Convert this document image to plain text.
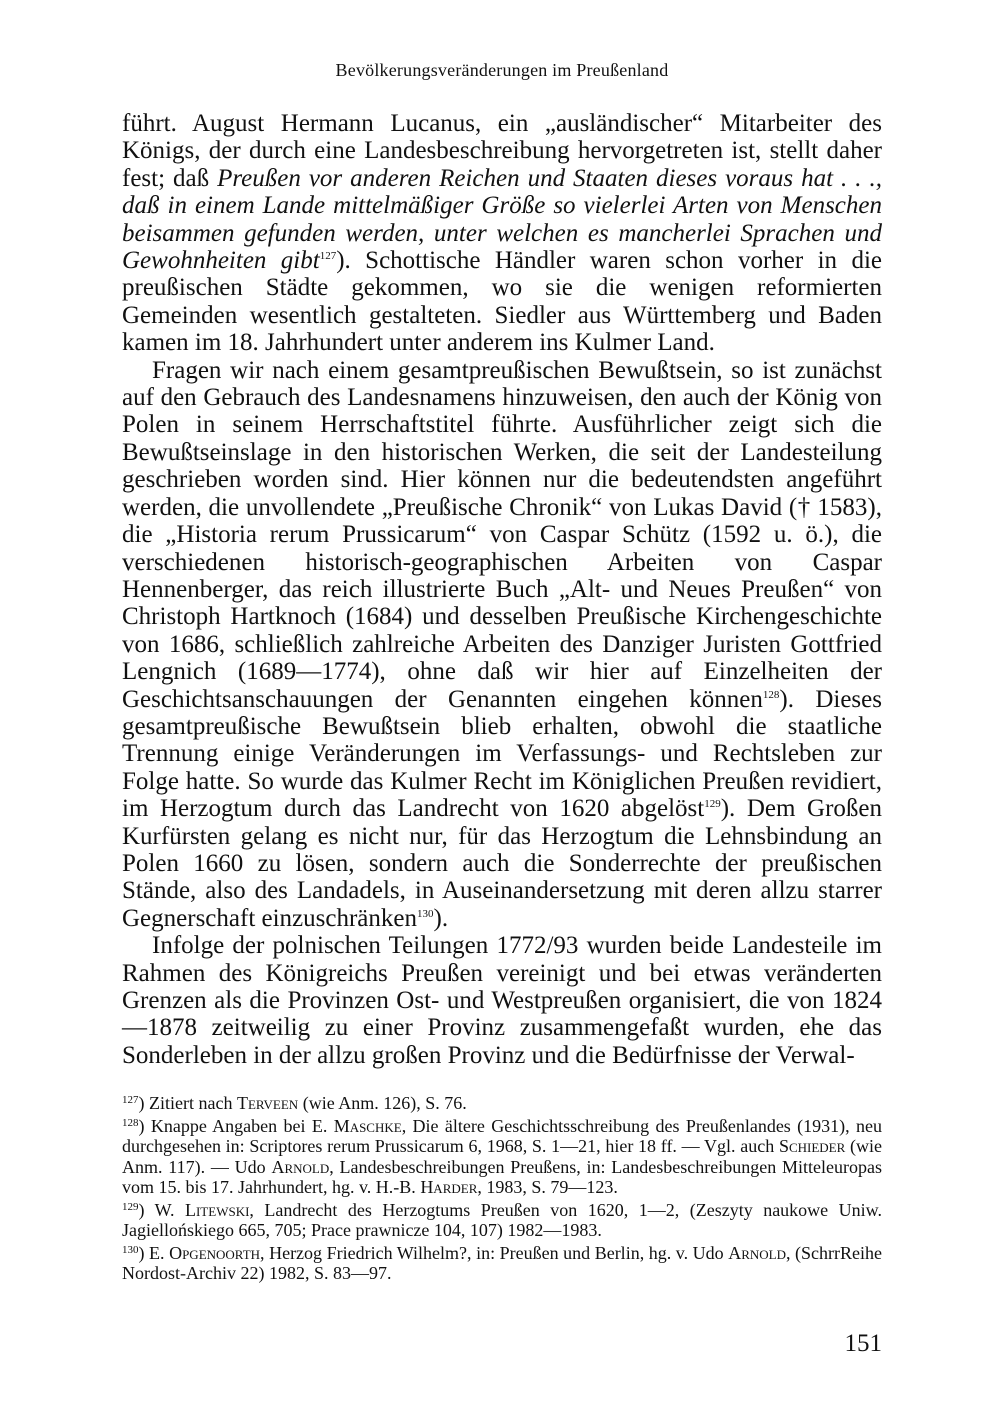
Bevölkerungsveränderungen im Preußenland

führt. August Hermann Lucanus, ein „ausländischer“ Mitarbeiter des Königs, der durch eine Landesbeschreibung hervorgetreten ist, stellt daher fest; daß Preußen vor anderen Reichen und Staaten dieses voraus hat . . ., daß in einem Lande mittelmäßiger Größe so vielerlei Arten von Menschen beisammen gefunden werden, unter welchen es mancherlei Sprachen und Gewohnheiten gibt$^{127}$). Schottische Händler waren schon vorher in die preußischen Städte gekommen, wo sie die wenigen reformierten Gemeinden wesentlich gestalteten. Siedler aus Württemberg und Baden kamen im 18. Jahrhundert unter anderem ins Kulmer Land.

Fragen wir nach einem gesamtpreußischen Bewußtsein, so ist zunächst auf den Gebrauch des Landesnamens hinzuweisen, den auch der König von Polen in seinem Herrschaftstitel führte. Ausführlicher zeigt sich die Bewußtseinslage in den historischen Werken, die seit der Landesteilung geschrieben worden sind. Hier können nur die bedeutendsten angeführt werden, die unvollendete „Preußische Chronik“ von Lukas David († 1583), die „Historia rerum Prussicarum“ von Caspar Schütz (1592 u. ö.), die verschiedenen historisch-geographischen Arbeiten von Caspar Hennenberger, das reich illustrierte Buch „Alt- und Neues Preußen“ von Christoph Hartknoch (1684) und desselben Preußische Kirchengeschichte von 1686, schließlich zahlreiche Arbeiten des Danziger Juristen Gottfried Lengnich (1689—1774), ohne daß wir hier auf Einzelheiten der Geschichtsanschauungen der Genannten eingehen können$^{128}$). Dieses gesamtpreußische Bewußtsein blieb erhalten, obwohl die staatliche Trennung einige Veränderungen im Verfassungs- und Rechtsleben zur Folge hatte. So wurde das Kulmer Recht im Königlichen Preußen revidiert, im Herzogtum durch das Landrecht von 1620 abgelöst$^{129}$). Dem Großen Kurfürsten gelang es nicht nur, für das Herzogtum die Lehnsbindung an Polen 1660 zu lösen, sondern auch die Sonderrechte der preußischen Stände, also des Landadels, in Auseinandersetzung mit deren allzu starrer Gegnerschaft einzuschränken$^{130}$).

Infolge der polnischen Teilungen 1772/93 wurden beide Landesteile im Rahmen des Königreichs Preußen vereinigt und bei etwas veränderten Grenzen als die Provinzen Ost- und Westpreußen organisiert, die von 1824—1878 zeitweilig zu einer Provinz zusammengefaßt wurden, ehe das Sonderleben in der allzu großen Provinz und die Bedürfnisse der Verwal-

$^{127}$) Zitiert nach Terveen (wie Anm. 126), S. 76.

$^{128}$) Knappe Angaben bei E. Maschke, Die ältere Geschichtsschreibung des Preußenlandes (1931), neu durchgesehen in: Scriptores rerum Prussicarum 6, 1968, S. 1—21, hier 18 ff. — Vgl. auch Schieder (wie Anm. 117). — Udo Arnold, Landesbeschreibungen Preußens, in: Landesbeschreibungen Mitteleuropas vom 15. bis 17. Jahrhundert, hg. v. H.-B. Harder, 1983, S. 79—123.

$^{129}$) W. Litewski, Landrecht des Herzogtums Preußen von 1620, 1—2, (Zeszyty naukowe Uniw. Jagiellońskiego 665, 705; Prace prawnicze 104, 107) 1982—1983.

$^{130}$) E. Opgenoorth, Herzog Friedrich Wilhelm?, in: Preußen und Berlin, hg. v. Udo Arnold, (SchrrReihe Nordost-Archiv 22) 1982, S. 83—97.

151
